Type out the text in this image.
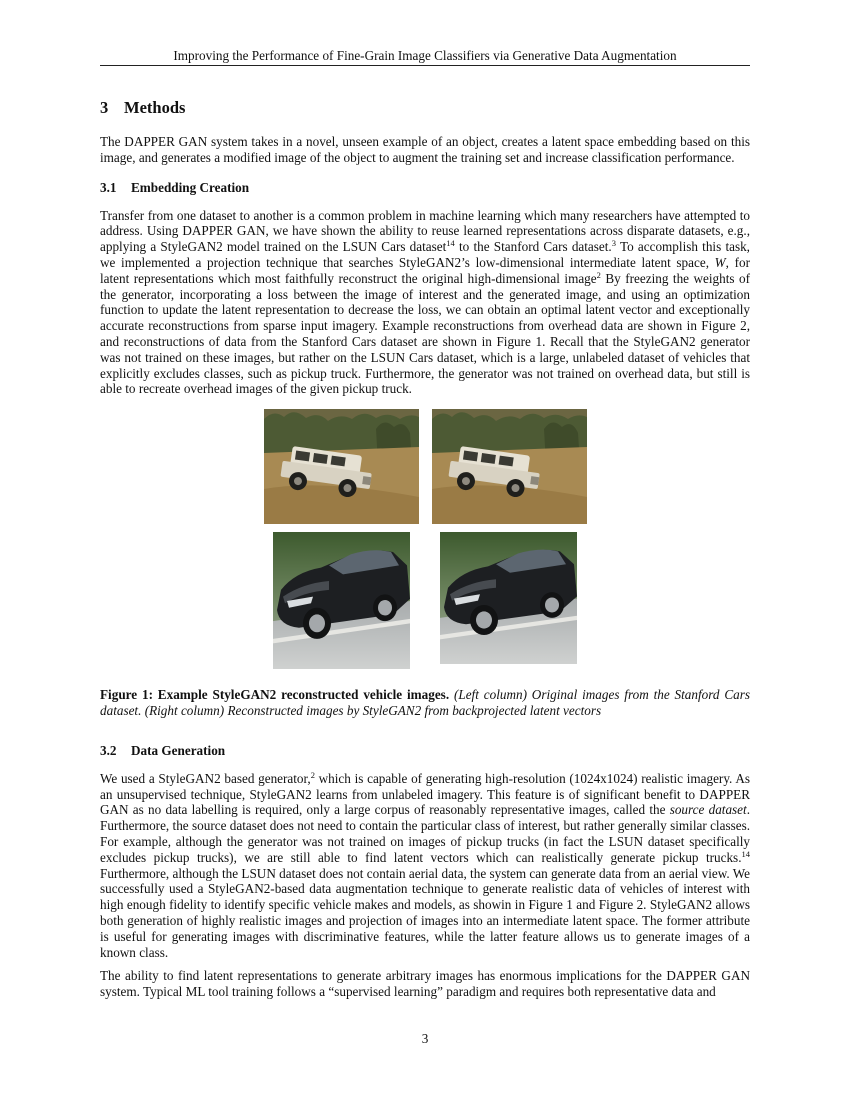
Improving the Performance of Fine-Grain Image Classifiers via Generative Data Augmentation
3 Methods

The DAPPER GAN system takes in a novel, unseen example of an object, creates a latent space embedding based on this image, and generates a modified image of the object to augment the training set and increase classification performance.

3.1 Embedding Creation

Transfer from one dataset to another is a common problem in machine learning which many researchers have attempted to address. Using DAPPER GAN, we have shown the ability to reuse learned representations across disparate datasets, e.g., applying a StyleGAN2 model trained on the LSUN Cars dataset$^{14}$ to the Stanford Cars dataset.$^3$ To accomplish this task, we implemented a projection technique that searches StyleGAN2’s low-dimensional intermediate latent space, W, for latent representations which most faithfully reconstruct the original high-dimensional image$^2$ By freezing the weights of the generator, incorporating a loss between the image of interest and the generated image, and using an optimization function to update the latent representation to decrease the loss, we can obtain an optimal latent vector and exceptionally accurate reconstructions from sparse input imagery. Example reconstructions from overhead data are shown in Figure 2, and reconstructions of data from the Stanford Cars dataset are shown in Figure 1. Recall that the StyleGAN2 generator was not trained on these images, but rather on the LSUN Cars dataset, which is a large, unlabeled dataset of vehicles that explicitly excludes classes, such as pickup truck. Furthermore, the generator was not trained on overhead data, but still is able to recreate overhead images of the given pickup truck.

Figure 1: Example StyleGAN2 reconstructed vehicle images. (Left column) Original images from the Stanford Cars dataset. (Right column) Reconstructed images by StyleGAN2 from backprojected latent vectors

3.2 Data Generation

We used a StyleGAN2 based generator,$^2$ which is capable of generating high-resolution (1024x1024) realistic imagery. As an unsupervised technique, StyleGAN2 learns from unlabeled imagery. This feature is of significant benefit to DAPPER GAN as no data labelling is required, only a large corpus of reasonably representative images, called the source dataset. Furthermore, the source dataset does not need to contain the particular class of interest, but rather generally similar classes. For example, although the generator was not trained on images of pickup trucks (in fact the LSUN dataset specifically excludes pickup trucks), we are still able to find latent vectors which can realistically generate pickup trucks.$^{14}$ Furthermore, although the LSUN dataset does not contain aerial data, the system can generate data from an aerial view. We successfully used a StyleGAN2-based data augmentation technique to generate realistic data of vehicles of interest with high enough fidelity to identify specific vehicle makes and models, as showin in Figure 1 and Figure 2. StyleGAN2 allows both generation of highly realistic images and projection of images into an intermediate latent space. The former attribute is useful for generating images with discriminative features, while the latter feature allows us to generate images of a known class.

The ability to find latent representations to generate arbitrary images has enormous implications for the DAPPER GAN system. Typical ML tool training follows a “supervised learning” paradigm and requires both representative data and

3
